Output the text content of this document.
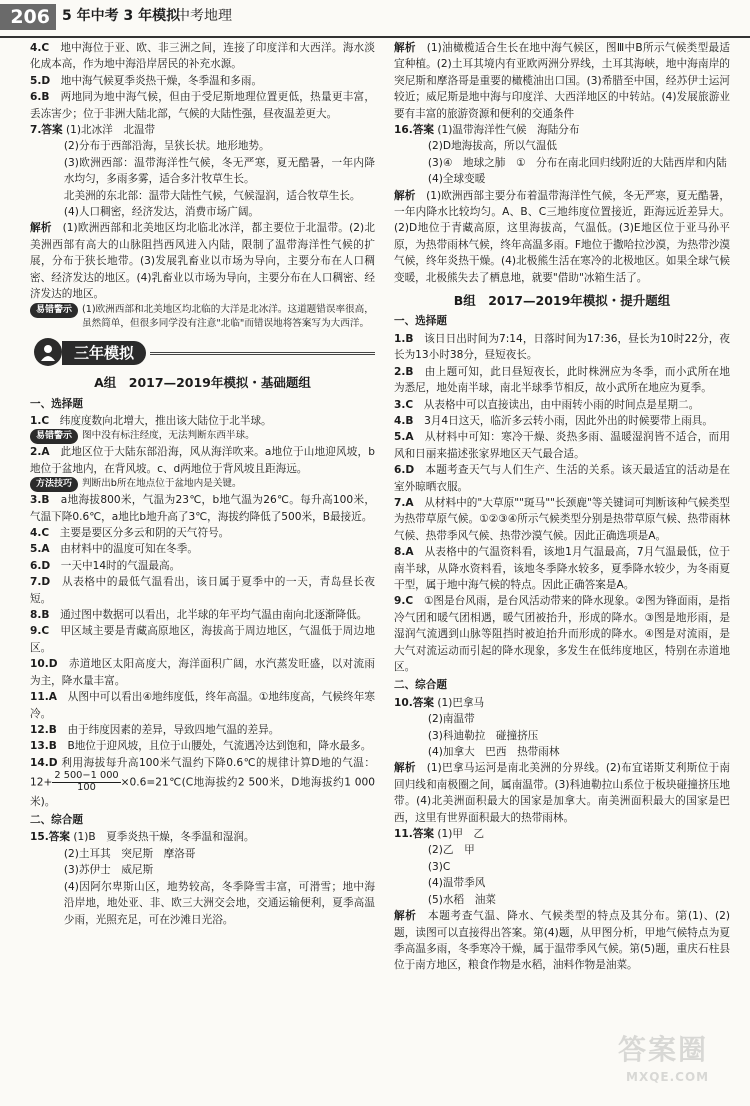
206 5 年中考 3 年模拟
中考地理

4.C　 地中海位于亚、欧、非三洲之间，连接了印度洋和大西洋。海水淡化成本高，作为地中海沿岸居民的补充水源。

5.D　 地中海气候夏季炎热干燥，冬季温和多雨。

6.B　 两地同为地中海气候，但由于受尼斯地理位置更低，热量更丰富，丢冻害少；位于非洲大陆北部，气候的大陆性强，昼夜温差更大。

7.答案 (1)北冰洋　北温带

(2)分布于西部沿海，呈狭长状。地形地势。

(3)欧洲西部：温带海洋性气候，冬无严寒，夏无酷暑，一年内降水均匀，多雨多雾，适合多汁牧草生长。

北美洲的东北部：温带大陆性气候，气候湿润，适合牧草生长。

(4)人口稠密，经济发达，消费市场广阔。

解析　 (1)欧洲西部和北美地区均北临北冰洋，都主要位于北温带。(2)北美洲西部有高大的山脉阻挡西风进入内陆，限制了温带海洋性气候的扩展，分布于狭长地带。(3)发展乳畜业以市场为导向，主要分布在人口稠密、经济发达的地区。(4)乳畜业以市场为导向，主要分布在人口稠密、经济发达的地区。

易错警示	(1)欧洲西部和北美地区均北临的大洋是北冰洋。这道题错误率很高，虽然简单，但很多同学没有注意"北临"而错误地将答案写为大西洋。
三年模拟
A组　2017—2019年模拟・基础题组
一、选择题

1.C　 纬度度数向北增大，推出该大陆位于北半球。

易错警示	图中没有标注经度，无法判断东西半球。

2.A　 此地区位于大陆东部沿海，风从海洋吹来。a地位于山地迎风坡，b地位于盆地内，在背风坡。c、d两地位于背风坡且距海远。

方法技巧	判断出b所在地点位于盆地内是关键。

3.B　 a地海拔800米，气温为23℃，b地气温为26℃。每升高100米，气温下降0.6℃，a地比b地升高了3℃，海拔约降低了500米，B最接近。

4.C　 主要是要区分多云和阴的天气符号。

5.A　 由材料中的温度可知在冬季。

6.D　 一天中14时的气温最高。

7.D　 从表格中的最低气温看出，该日属于夏季中的一天，青岛昼长夜短。

8.B　 通过图中数据可以看出，北半球的年平均气温由南向北逐渐降低。

9.C　 甲区域主要是青藏高原地区，海拔高于周边地区，气温低于周边地区。

10.D　 赤道地区太阳高度大，海洋面积广阔，水汽蒸发旺盛，以对流雨为主，降水量丰富。

11.A　 从图中可以看出④地纬度低，终年高温。①地纬度高，气候终年寒冷。

12.B　 由于纬度因素的差异，导致四地气温的差异。

13.B　 B地位于迎风坡，且位于山腰处，气流遇冷达到饱和，降水最多。

14.D 利用海拔每升高100米气温约下降0.6℃的规律计算D地的气温：$12+ \frac{2 500-1 000}{100}$ ×0.6=21℃(C地海拔约2 500米，D地海拔约1 000米)。

二、综合题

15.答案 (1)B　夏季炎热干燥，冬季温和湿润。

(2)土耳其　突尼斯　摩洛哥

(3)苏伊士　威尼斯

(4)因阿尔卑斯山区，地势较高，冬季降雪丰富，可滑雪；地中海沿岸地，地处亚、非、欧三大洲交会地，交通运输便利，夏季高温少雨，光照充足，可在沙滩日光浴。

解析　 (1)油橄榄适合生长在地中海气候区，图Ⅲ中B所示气候类型最适宜种植。(2)土耳其境内有亚欧两洲分界线，土耳其海峡，地中海南岸的突尼斯和摩洛哥是重要的橄榄油出口国。(3)希腊至中国，经苏伊士运河较近；威尼斯是地中海与印度洋、大西洋地区的中转站。(4)发展旅游业要有丰富的旅游资源和便利的交通条件

16.答案 (1)温带海洋性气候　海陆分布

(2)D地海拔高，所以气温低

(3)④　地球之肺　①　分布在南北回归线附近的大陆西岸和内陆

(4)全球变暖

解析　 (1)欧洲西部主要分布着温带海洋性气候，冬无严寒，夏无酷暑，一年内降水比较均匀。A、B、C三地纬度位置接近，距海远近差异大。(2)D地位于青藏高原，这里海拔高，气温低。(3)E地区位于亚马孙平原，为热带雨林气候，终年高温多雨。F地位于撒哈拉沙漠，为热带沙漠气候，终年炎热干燥。(4)北极熊生活在寒冷的北极地区。如果全球气候变暖，北极熊失去了栖息地，就要"借助"冰箱生活了。

B组　2017—2019年模拟・提升题组
一、选择题

1.B　 该日日出时间为7:14，日落时间为17:36，昼长为10时22分，夜长为13小时38分，昼短夜长。

2.B　 由上题可知，此日昼短夜长，此时株洲应为冬季，而小武所在地为悉尼，地处南半球，南北半球季节相反，故小武所在地应为夏季。

3.C　 从表格中可以直接读出，由中雨转小雨的时间点是星期二。

4.B　 3月4日这天，临沂多云转小雨，因此外出的时候要带上雨具。

5.A　 从材料中可知：寒冷干燥、炎热多雨、温暖湿润皆不适合，而用风和日丽来描述张家界地区天气最合适。

6.D　 本题考查天气与人们生产、生活的关系。该天最适宜的活动是在室外晾晒衣服。

7.A　 从材料中的"大草原""斑马""长颈鹿"等关键词可判断该种气候类型为热带草原气候。①②③④所示气候类型分别是热带草原气候、热带雨林气候、热带季风气候、热带沙漠气候。因此正确选项是A。

8.A　 从表格中的气温资料看，该地1月气温最高，7月气温最低，位于南半球，从降水资料看，该地冬季降水较多，夏季降水较少，为冬雨夏干型，属于地中海气候的特点。因此正确答案是A。

9.C　 ①图是台风雨，是台风活动带来的降水现象。②图为锋面雨，是指冷气团和暖气团相遇，暖气团被抬升，形成的降水。③图是地形雨，是湿润气流遇到山脉等阻挡时被迫抬升而形成的降水。④图是对流雨，是大气对流运动而引起的降水现象，多发生在低纬度地区，特别在赤道地区。

二、综合题

10.答案 (1)巴拿马

(2)南温带

(3)科迪勒拉　碰撞挤压

(4)加拿大　巴西　热带雨林

解析　 (1)巴拿马运河是南北美洲的分界线。(2)布宜诺斯艾利斯位于南回归线和南极圈之间，属南温带。(3)科迪勒拉山系位于板块碰撞挤压地带。(4)北美洲面积最大的国家是加拿大。南美洲面积最大的国家是巴西，这里有世界面积最大的热带雨林。

11.答案 (1)甲　乙

(2)乙　甲

(3)C

(4)温带季风

(5)水稻　油菜

解析　 本题考查气温、降水、气候类型的特点及其分布。第(1)、(2)题，读图可以直接得出答案。第(4)题，从甲图分析，甲地气候特点为夏季高温多雨，冬季寒冷干燥，属于温带季风气候。第(5)题，重庆石柱县位于南方地区，粮食作物是水稻，油料作物是油菜。

答案圈
MXQE.COM
